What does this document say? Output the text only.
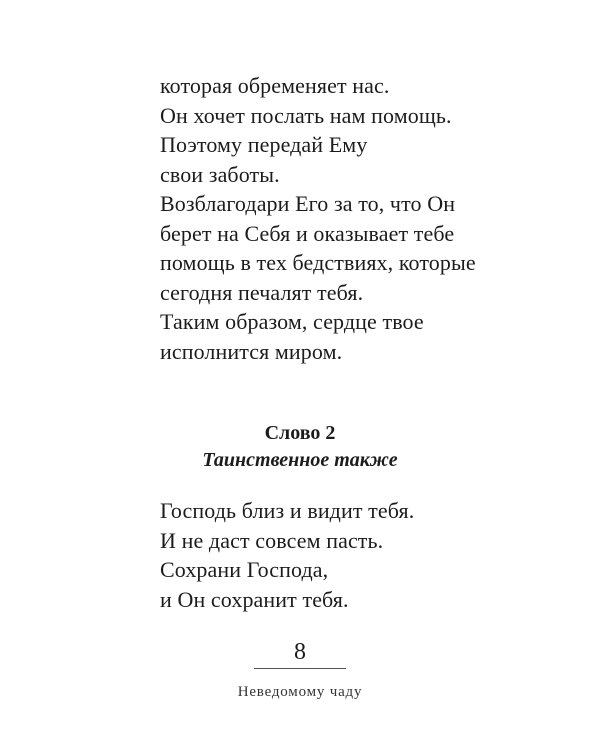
которая обременяет нас.
Он хочет послать нам помощь.
Поэтому передай Ему
свои заботы.
Возблагодари Его за то, что Он
берет на Себя и оказывает тебе
помощь в тех бедствиях, которые
сегодня печалят тебя.
Таким образом, сердце твое
исполнится миром.
Слово 2
Таинственное также
Господь близ и видит тебя.
И не даст совсем пасть.
Сохрани Господа,
и Он сохранит тебя.
8
Неведомому чаду
